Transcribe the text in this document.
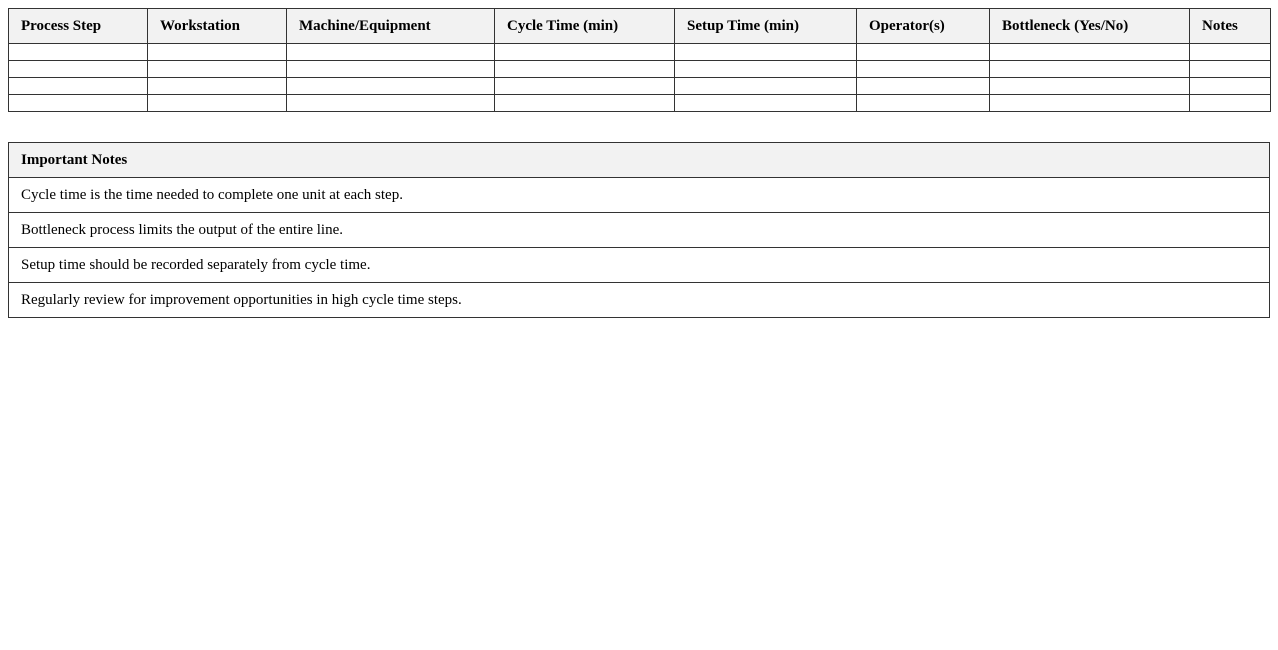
Process Step	Workstation	Machine/Equipment	Cycle Time (min)	Setup Time (min)	Operator(s)	Bottleneck (Yes/No)	Notes

Important Notes
Cycle time is the time needed to complete one unit at each step.
Bottleneck process limits the output of the entire line.
Setup time should be recorded separately from cycle time.
Regularly review for improvement opportunities in high cycle time steps.
